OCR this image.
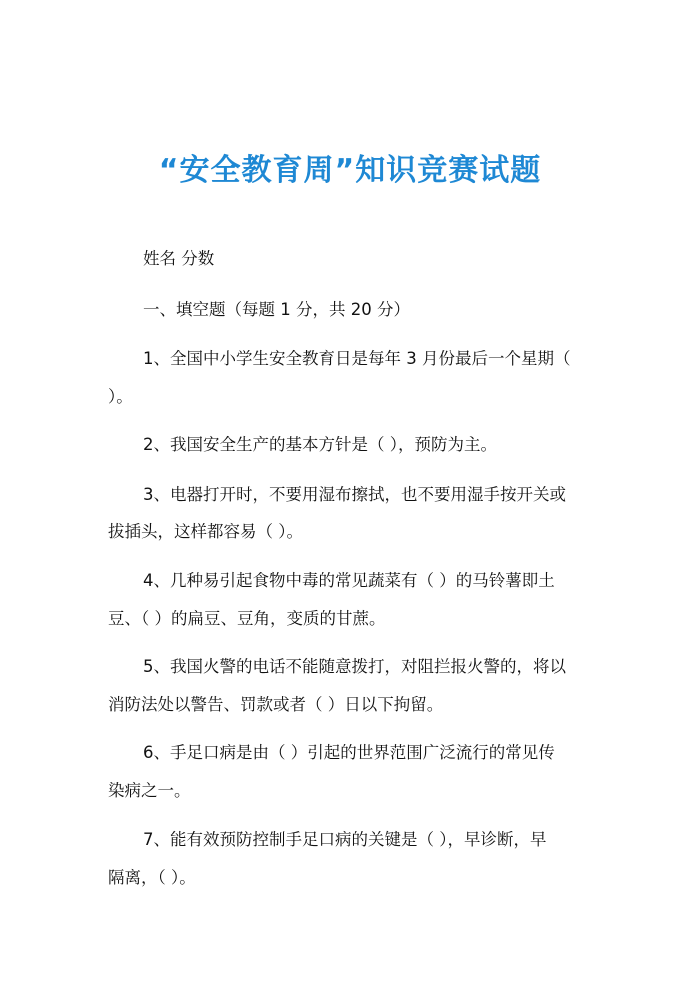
“安全教育周”知识竞赛试题
姓名 分数
一、填空题（每题 1 分，共 20 分）
1、全国中小学生安全教育日是每年 3 月份最后一个星期（
）。
2、我国安全生产的基本方针是（ ），预防为主。
3、电器打开时，不要用湿布擦拭，也不要用湿手按开关或
拔插头，这样都容易（ ）。
4、几种易引起食物中毒的常见蔬菜有（ ）的马铃薯即土
豆、（ ）的扁豆、豆角，变质的甘蔗。
5、我国火警的电话不能随意拨打，对阻拦报火警的，将以
消防法处以警告、罚款或者（ ）日以下拘留。
6、手足口病是由（ ）引起的世界范围广泛流行的常见传
染病之一。
7、能有效预防控制手足口病的关键是（ ），早诊断，早
隔离，（ ）。
